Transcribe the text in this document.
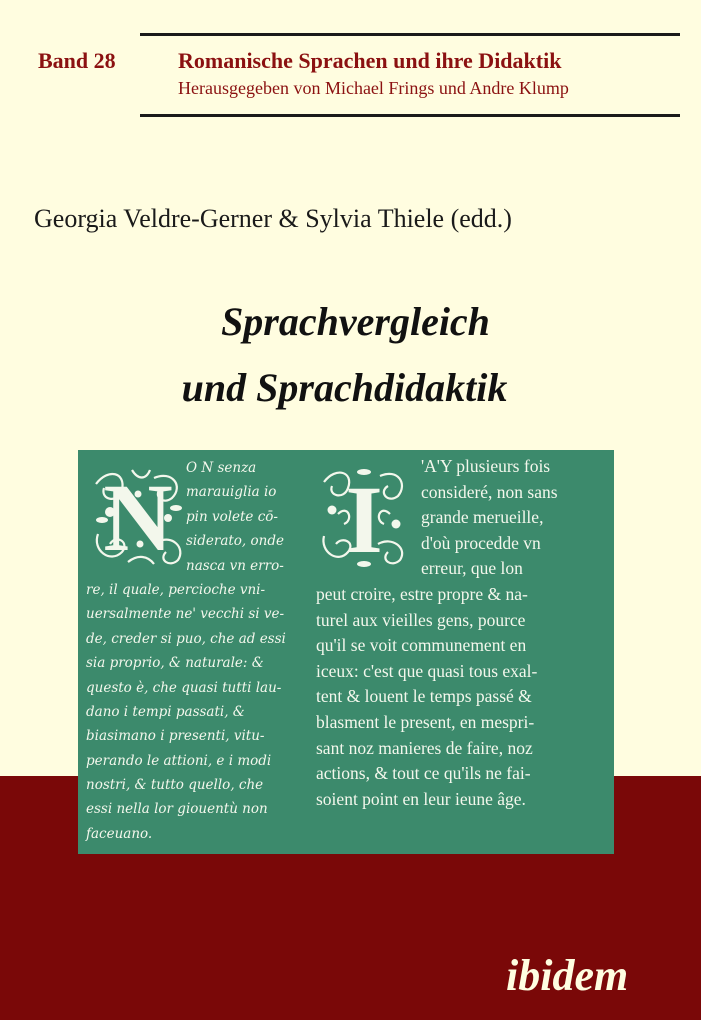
Band 28	Romanische Sprachen und ihre Didaktik
Herausgegeben von Michael Frings und Andre Klump
Georgia Veldre-Gerner & Sylvia Thiele (edd.)
Sprachvergleich
und Sprachdidaktik
N I
O N senza
marauiglia io
pin volete cō-
siderato, onde
nasca vn erro-
re, il quale, percioche vni-
uersalmente ne' vecchi si ve-
de, creder si puo, che ad essi
sia proprio, & naturale: &
questo è, che quasi tutti lau-
dano i tempi passati, &
biasimano i presenti, vitu-
perando le attioni, e i modi
nostri, & tutto quello, che
essi nella lor giouentù non
faceuano.
'A'Y plusieurs fois
consideré, non sans
grande merueille,
d'où procedde vn
erreur, que lon
peut croire, estre propre & na-
turel aux vieilles gens, pource
qu'il se voit communement en
iceux: c'est que quasi tous exal-
tent & louent le temps passé &
blasment le present, en mespri-
sant noz manieres de faire, noz
actions, & tout ce qu'ils ne fai-
soient point en leur ieune âge.
ibidem
